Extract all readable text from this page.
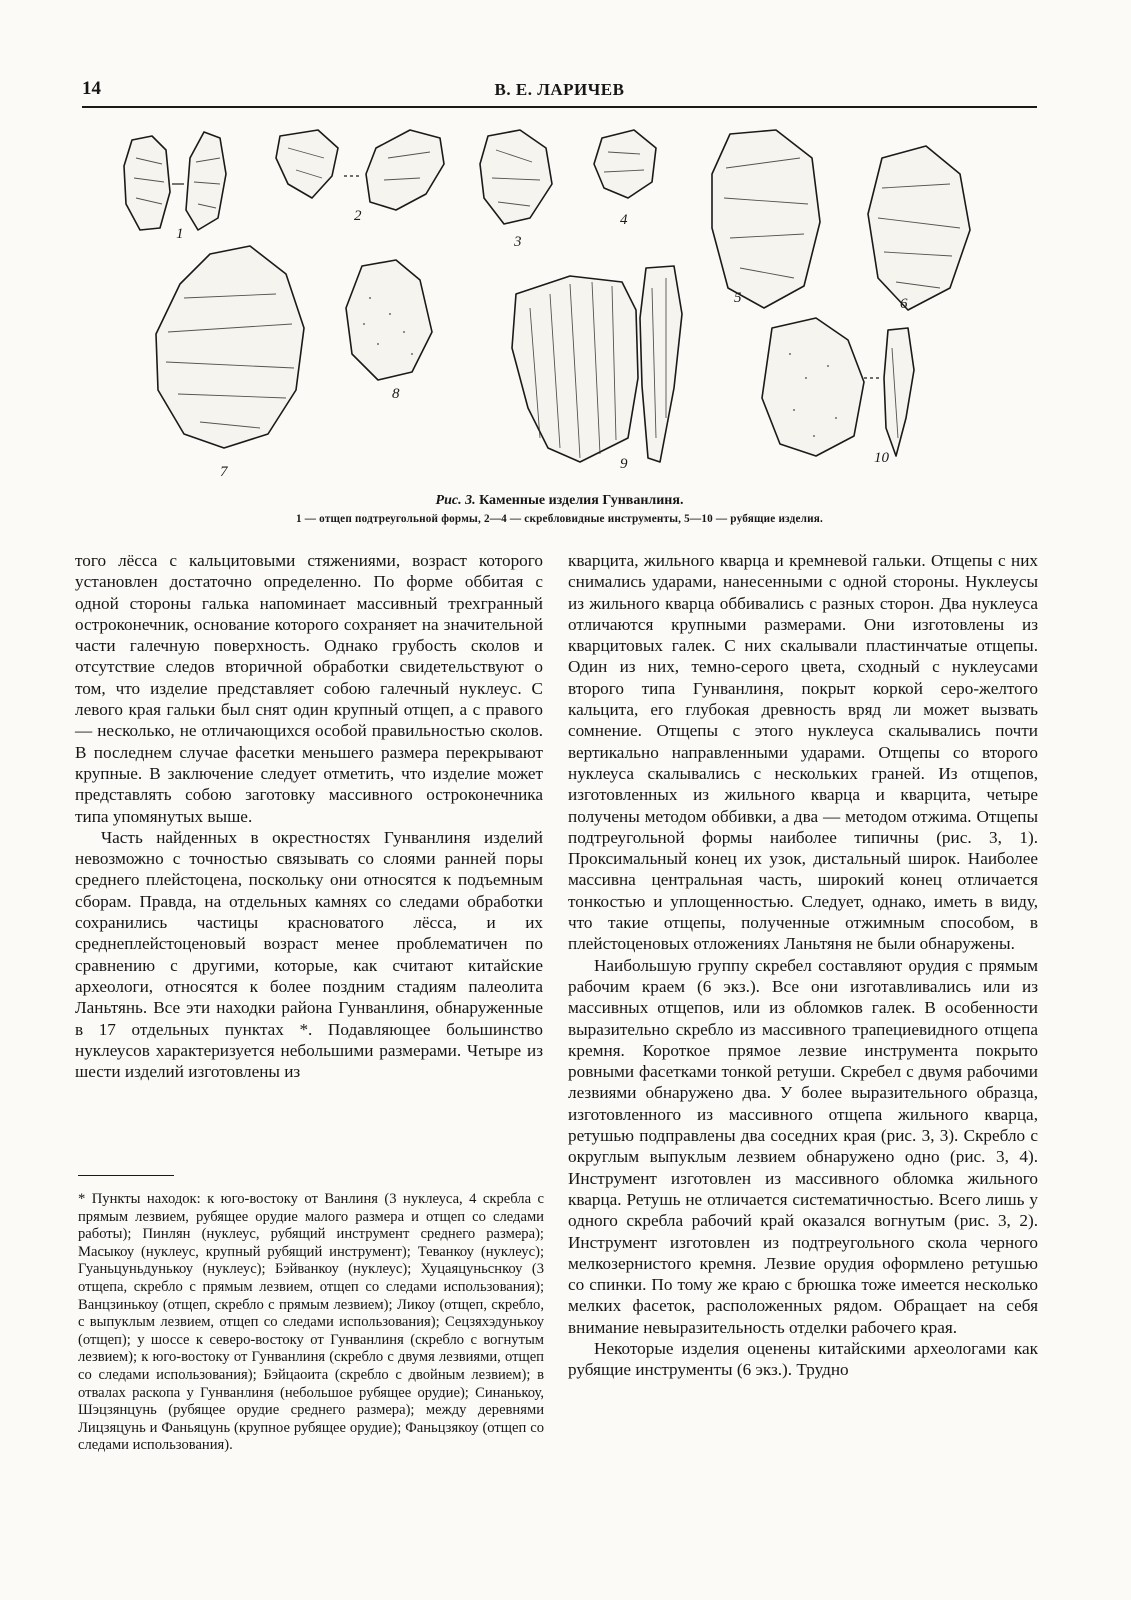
14	В. Е. ЛАРИЧЕВ
1
2
3
4
5	6
7
8
9	10
Рис. 3. Каменные изделия Гунванлиня.
1 — отщеп подтреугольной формы, 2—4 — скребловидные инструменты, 5—10 — рубящие изделия.

того лёсса с кальцитовыми стяжениями, возраст которого установлен достаточно определенно. По форме оббитая с одной стороны галька напоминает массивный трехгранный остроконечник, основание которого сохраняет на значительной части галечную поверхность. Однако грубость сколов и отсутствие следов вторичной обработки свидетельствуют о том, что изделие представляет собою галечный нуклеус. С левого края гальки был снят один крупный отщеп, а с правого — несколько, не отличающихся особой правильностью сколов. В последнем случае фасетки меньшего размера перекрывают крупные. В заключение следует отметить, что изделие может представлять собою заготовку массивного остроконечника типа упомянутых выше.

Часть найденных в окрестностях Гунванлиня изделий невозможно с точностью связывать со слоями ранней поры среднего плейстоцена, поскольку они относятся к подъемным сборам. Правда, на отдельных камнях со следами обработки сохранились частицы красноватого лёсса, и их среднеплейстоценовый возраст менее проблематичен по сравнению с другими, которые, как считают китайские археологи, относятся к более поздним стадиям палеолита Ланьтянь. Все эти находки района Гунванлиня, обнаруженные в 17 отдельных пунктах *. Подавляющее большинство нуклеусов характеризуется небольшими размерами. Четыре из шести изделий изготовлены из

* Пункты находок: к юго-востоку от Ванлиня (3 нуклеуса, 4 скребла с прямым лезвием, рубящее орудие малого размера и отщеп со следами работы); Пинлян (нуклеус, рубящий инструмент среднего размера); Масыкоу (нуклеус, крупный рубящий инструмент); Теванкоу (нуклеус); Гуаньцуньдунькоу (нуклеус); Бэйванкоу (нуклеус); Хуцаяцуньснкоу (3 отщепа, скребло с прямым лезвием, отщеп со следами использования); Ванцзинькоу (отщеп, скребло с прямым лезвием); Ликоу (отщеп, скребло, с выпуклым лезвием, отщеп со следами использования); Сецзяхэдунькоу (отщеп); у шоссе к северо-востоку от Гунванлиня (скребло с вогнутым лезвием); к юго-востоку от Гунванлиня (скребло с двумя лезвиями, отщеп со следами использования); Бэйцаоита (скребло с двойным лезвием); в отвалах раскопа у Гунванлиня (небольшое рубящее орудие); Синанькоу, Шэцзянцунь (рубящее орудие среднего размера); между деревнями Лицзяцунь и Фаньяцунь (крупное рубящее орудие); Фаньцзякоу (отщеп со следами использования).

кварцита, жильного кварца и кремневой гальки. Отщепы с них снимались ударами, нанесенными с одной стороны. Нуклеусы из жильного кварца оббивались с разных сторон. Два нуклеуса отличаются крупными размерами. Они изготовлены из кварцитовых галек. С них скалывали пластинчатые отщепы. Один из них, темно-серого цвета, сходный с нуклеусами второго типа Гунванлиня, покрыт коркой серо-желтого кальцита, его глубокая древность вряд ли может вызвать сомнение. Отщепы с этого нуклеуса скалывались почти вертикально направленными ударами. Отщепы со второго нуклеуса скалывались с нескольких граней. Из отщепов, изготовленных из жильного кварца и кварцита, четыре получены методом оббивки, а два — методом отжима. Отщепы подтреугольной формы наиболее типичны (рис. 3, 1). Проксимальный конец их узок, дистальный широк. Наиболее массивна центральная часть, широкий конец отличается тонкостью и уплощенностью. Следует, однако, иметь в виду, что такие отщепы, полученные отжимным способом, в плейстоценовых отложениях Ланьтяня не были обнаружены.

Наибольшую группу скребел составляют орудия с прямым рабочим краем (6 экз.). Все они изготавливались или из массивных отщепов, или из обломков галек. В особенности выразительно скребло из массивного трапециевидного отщепа кремня. Короткое прямое лезвие инструмента покрыто ровными фасетками тонкой ретуши. Скребел с двумя рабочими лезвиями обнаружено два. У более выразительного образца, изготовленного из массивного отщепа жильного кварца, ретушью подправлены два соседних края (рис. 3, 3). Скребло с округлым выпуклым лезвием обнаружено одно (рис. 3, 4). Инструмент изготовлен из массивного обломка жильного кварца. Ретушь не отличается систематичностью. Всего лишь у одного скребла рабочий край оказался вогнутым (рис. 3, 2). Инструмент изготовлен из подтреугольного скола черного мелкозернистого кремня. Лезвие орудия оформлено ретушью со спинки. По тому же краю с брюшка тоже имеется несколько мелких фасеток, расположенных рядом. Обращает на себя внимание невыразительность отделки рабочего края.

Некоторые изделия оценены китайскими археологами как рубящие инструменты (6 экз.). Трудно
